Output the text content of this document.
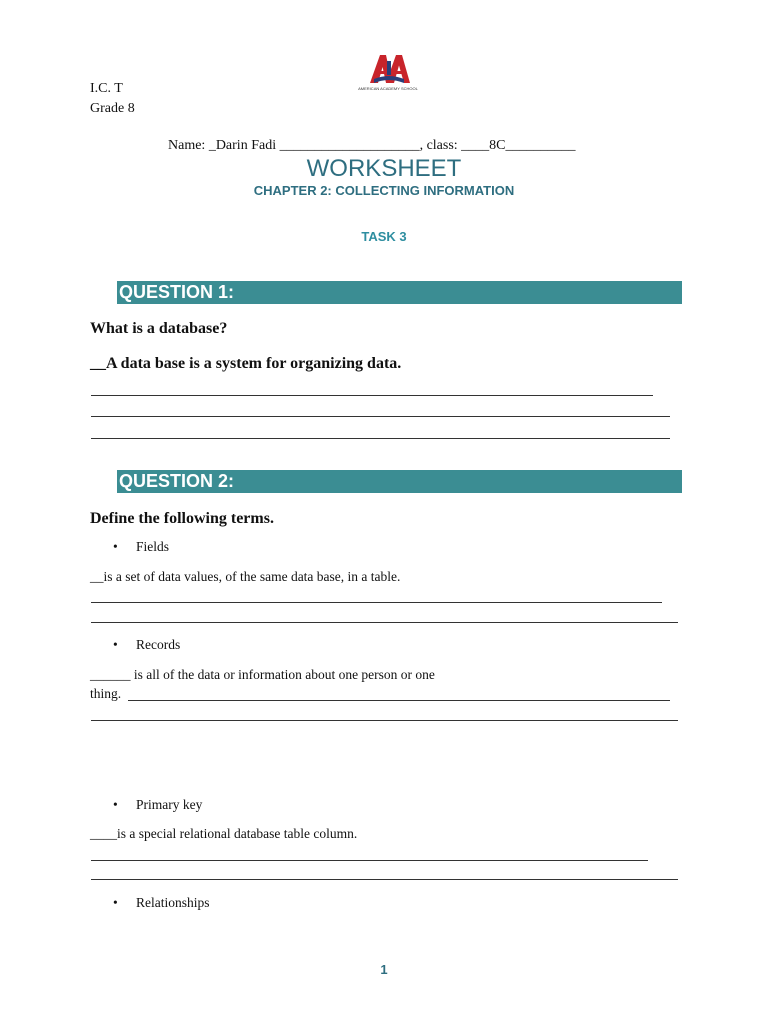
I.C. T
Grade 8
AMERICAN ACADEMY SCHOOL
Name: _Darin Fadi ____________________, class: ____8C__________
WORKSHEET
CHAPTER 2: COLLECTING INFORMATION
TASK 3
QUESTION 1:
What is a database?
__A data base is a system for organizing data.
QUESTION 2:
Define the following terms.
• Fields
__is a set of data values, of the same data base, in a table.
• Records
______ is all of the data or information about one person or one
thing.
• Primary key
____is a special relational database table column.
• Relationships
1
